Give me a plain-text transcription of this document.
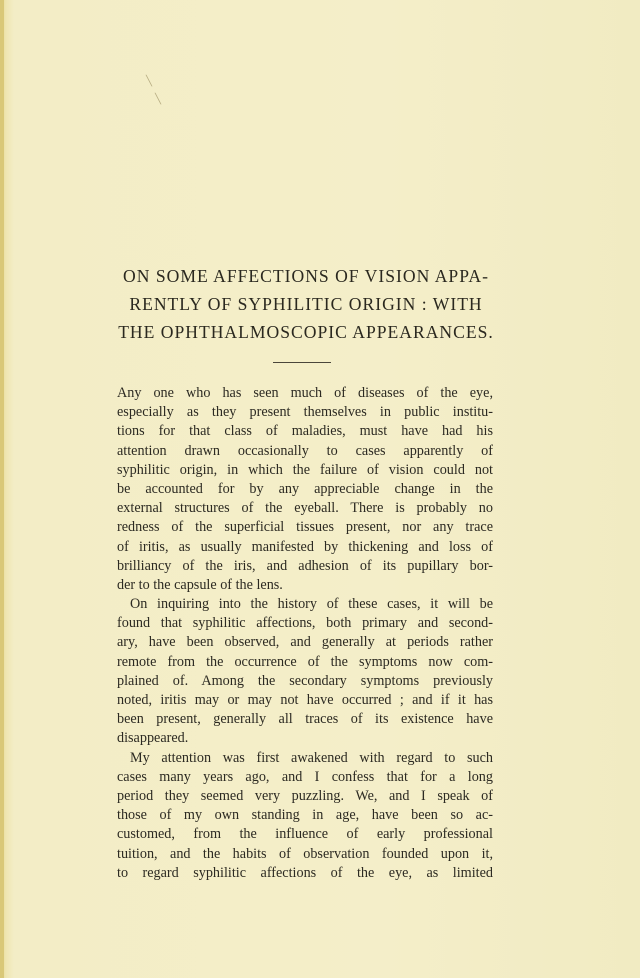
╲
╲
ON SOME AFFECTIONS OF VISION APPA-
RENTLY OF SYPHILITIC ORIGIN : WITH
THE OPHTHALMOSCOPIC APPEARANCES.
Any one who has seen much of diseases of the eye,
especially as they present themselves in public institu-
tions for that class of maladies, must have had his
attention drawn occasionally to cases apparently of
syphilitic origin, in which the failure of vision could not
be accounted for by any appreciable change in the
external structures of the eyeball. There is probably no
redness of the superficial tissues present, nor any trace
of iritis, as usually manifested by thickening and loss of
brilliancy of the iris, and adhesion of its pupillary bor-
der to the capsule of the lens.
On inquiring into the history of these cases, it will be
found that syphilitic affections, both primary and second-
ary, have been observed, and generally at periods rather
remote from the occurrence of the symptoms now com-
plained of. Among the secondary symptoms previously
noted, iritis may or may not have occurred ; and if it has
been present, generally all traces of its existence have
disappeared.
My attention was first awakened with regard to such
cases many years ago, and I confess that for a long
period they seemed very puzzling. We, and I speak of
those of my own standing in age, have been so ac-
customed, from the influence of early professional
tuition, and the habits of observation founded upon it,
to regard syphilitic affections of the eye, as limited
